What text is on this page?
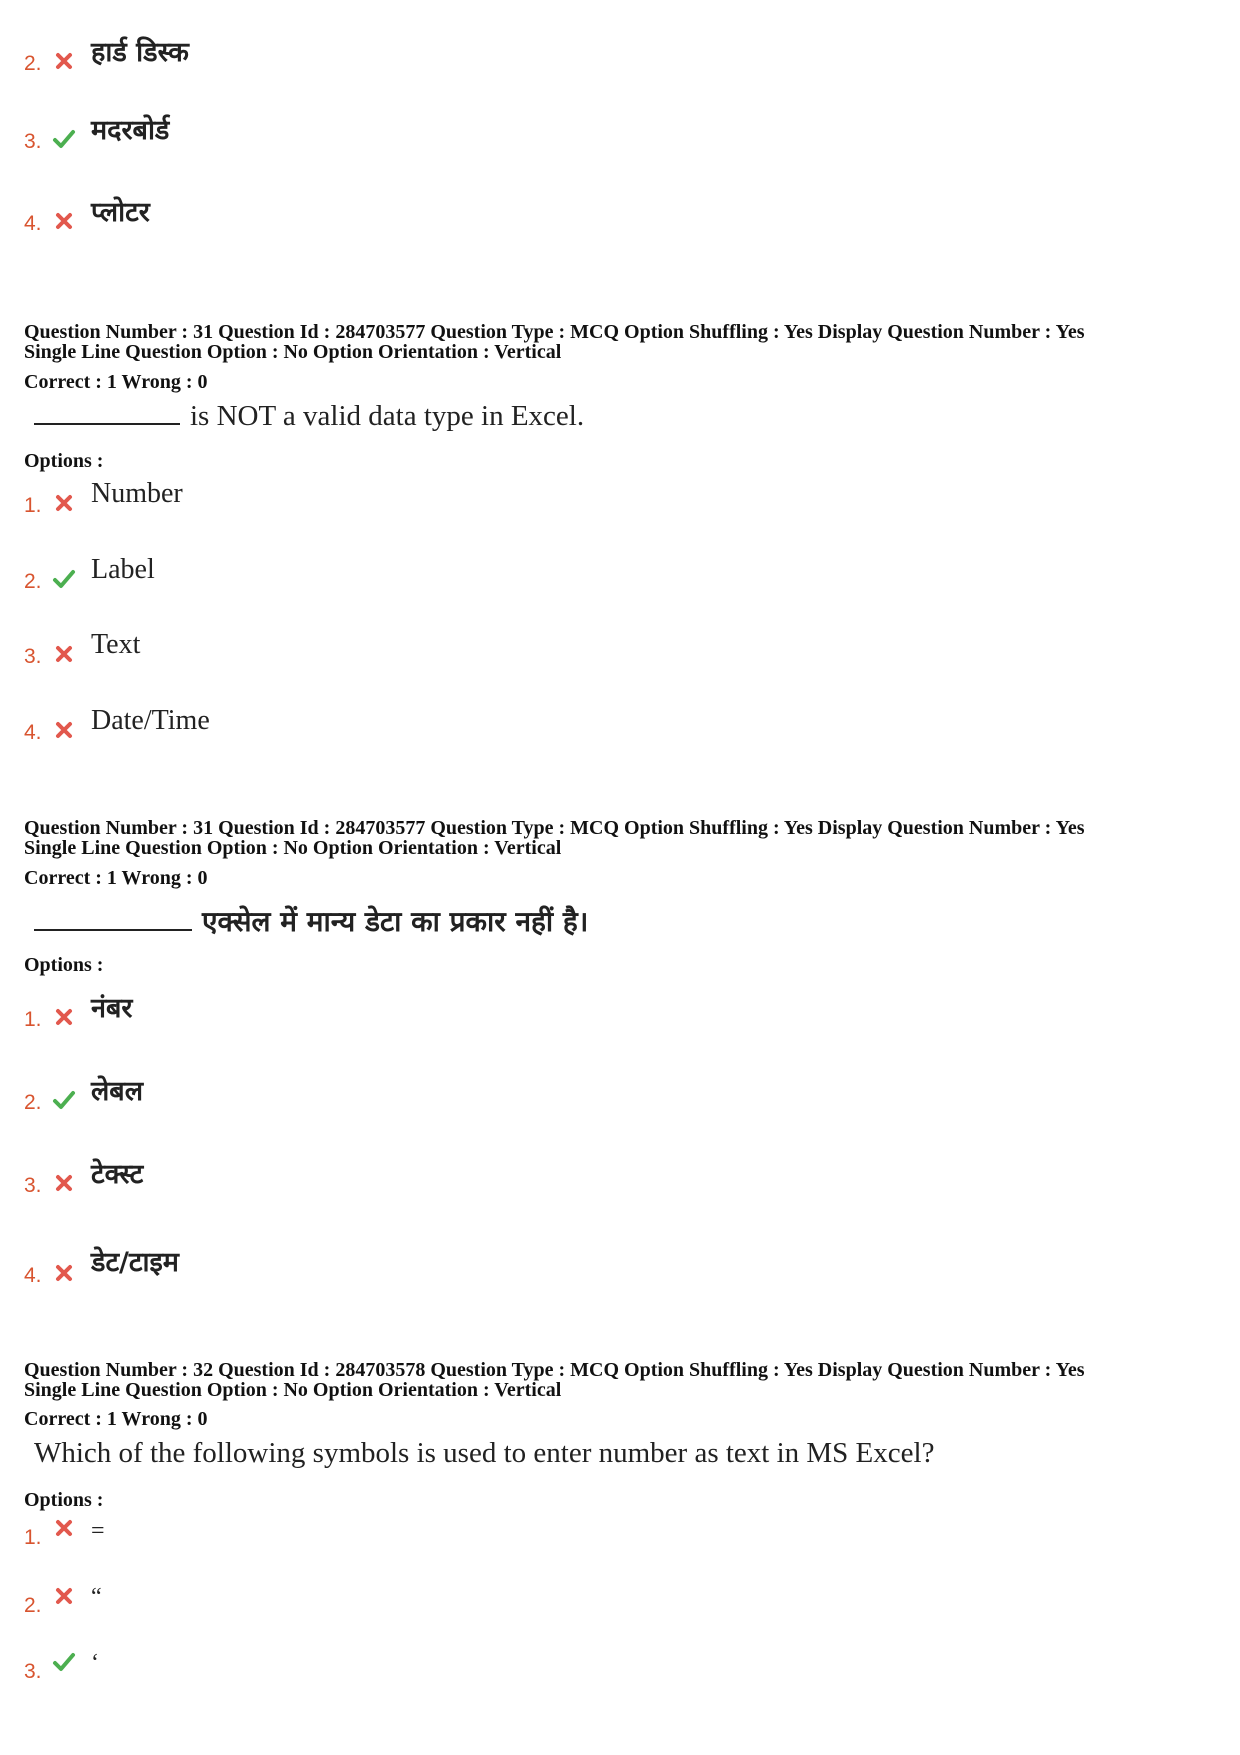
2. हार्ड डिस्क
3. मदरबोर्ड
4. प्लोटर
Question Number : 31 Question Id : 284703577 Question Type : MCQ Option Shuffling : Yes Display Question Number : Yes
Single Line Question Option : No Option Orientation : Vertical
Correct : 1 Wrong : 0
is NOT a valid data type in Excel.
Options :
1. Number
2. Label
3. Text
4. Date/Time
Question Number : 31 Question Id : 284703577 Question Type : MCQ Option Shuffling : Yes Display Question Number : Yes
Single Line Question Option : No Option Orientation : Vertical
Correct : 1 Wrong : 0
एक्सेल में मान्य डेटा का प्रकार नहीं है।
Options :
1. नंबर
2. लेबल
3. टेक्स्ट
4. डेट/टाइम
Question Number : 32 Question Id : 284703578 Question Type : MCQ Option Shuffling : Yes Display Question Number : Yes
Single Line Question Option : No Option Orientation : Vertical
Correct : 1 Wrong : 0
Which of the following symbols is used to enter number as text in MS Excel?
Options :
1. =
2. “
3. ‘
